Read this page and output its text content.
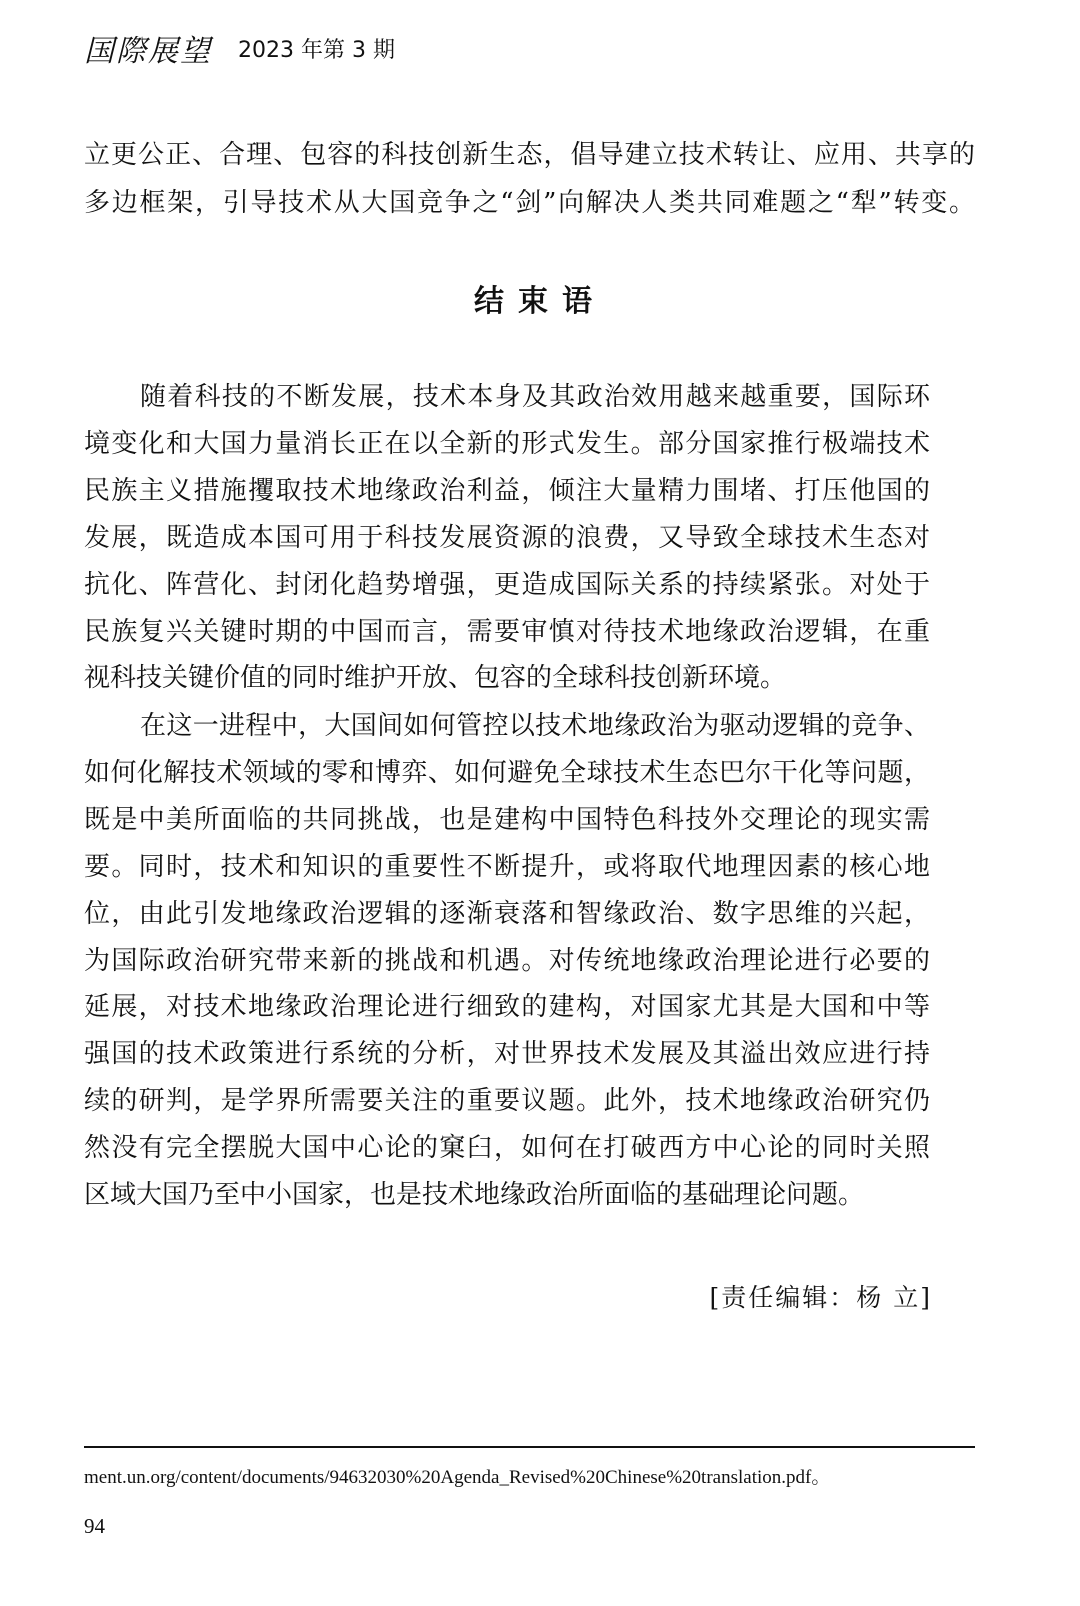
国際展望 2023 年第 3 期
立更公正、合理、包容的科技创新生态，倡导建立技术转让、应用、共享的
多边框架，引导技术从大国竞争之“剑”向解决人类共同难题之“犁”转变。
结束语
随着科技的不断发展，技术本身及其政治效用越来越重要，国际环
境变化和大国力量消长正在以全新的形式发生。部分国家推行极端技术
民族主义措施攫取技术地缘政治利益，倾注大量精力围堵、打压他国的
发展，既造成本国可用于科技发展资源的浪费，又导致全球技术生态对
抗化、阵营化、封闭化趋势增强，更造成国际关系的持续紧张。对处于
民族复兴关键时期的中国而言，需要审慎对待技术地缘政治逻辑，在重
视科技关键价值的同时维护开放、包容的全球科技创新环境。
在这一进程中，大国间如何管控以技术地缘政治为驱动逻辑的竞争、
如何化解技术领域的零和博弈、如何避免全球技术生态巴尔干化等问题，
既是中美所面临的共同挑战，也是建构中国特色科技外交理论的现实需
要。同时，技术和知识的重要性不断提升，或将取代地理因素的核心地
位，由此引发地缘政治逻辑的逐渐衰落和智缘政治、数字思维的兴起，
为国际政治研究带来新的挑战和机遇。对传统地缘政治理论进行必要的
延展，对技术地缘政治理论进行细致的建构，对国家尤其是大国和中等
强国的技术政策进行系统的分析，对世界技术发展及其溢出效应进行持
续的研判，是学界所需要关注的重要议题。此外，技术地缘政治研究仍
然没有完全摆脱大国中心论的窠臼，如何在打破西方中心论的同时关照
区域大国乃至中小国家，也是技术地缘政治所面临的基础理论问题。
[责任编辑：杨 立]
ment.un.org/content/documents/94632030%20Agenda_Revised%20Chinese%20translation.pdf。
94
